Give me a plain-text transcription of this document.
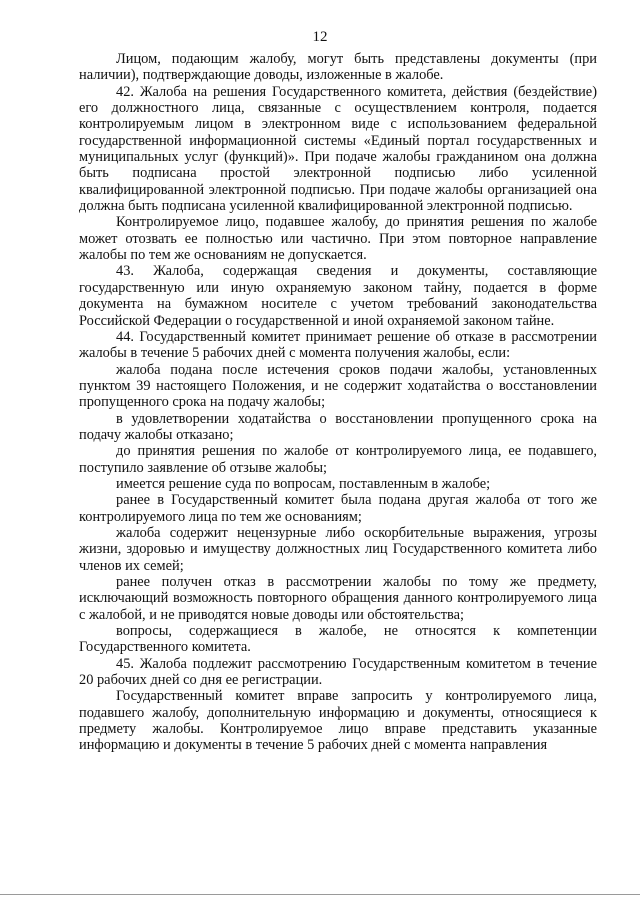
12

Лицом, подающим жалобу, могут быть представлены документы (при наличии), подтверждающие доводы, изложенные в жалобе.

42. Жалоба на решения Государственного комитета, действия (бездействие) его должностного лица, связанные с осуществлением контроля, подается контролируемым лицом в электронном виде с использованием федеральной государственной информационной системы «Единый портал государственных и муниципальных услуг (функций)». При подаче жалобы гражданином она должна быть подписана простой электронной подписью либо усиленной квалифицированной электронной подписью. При подаче жалобы организацией она должна быть подписана усиленной квалифицированной электронной подписью.

Контролируемое лицо, подавшее жалобу, до принятия решения по жалобе может отозвать ее полностью или частично. При этом повторное направление жалобы по тем же основаниям не допускается.

43. Жалоба, содержащая сведения и документы, составляющие государственную или иную охраняемую законом тайну, подается в форме документа на бумажном носителе с учетом требований законодательства Российской Федерации о государственной и иной охраняемой законом тайне.

44. Государственный комитет принимает решение об отказе в рассмотрении жалобы в течение 5 рабочих дней с момента получения жалобы, если:

жалоба подана после истечения сроков подачи жалобы, установленных пунктом 39 настоящего Положения, и не содержит ходатайства о восстановлении пропущенного срока на подачу жалобы;

в удовлетворении ходатайства о восстановлении пропущенного срока на подачу жалобы отказано;

до принятия решения по жалобе от контролируемого лица, ее подавшего, поступило заявление об отзыве жалобы;

имеется решение суда по вопросам, поставленным в жалобе;

ранее в Государственный комитет была подана другая жалоба от того же контролируемого лица по тем же основаниям;

жалоба содержит нецензурные либо оскорбительные выражения, угрозы жизни, здоровью и имуществу должностных лиц Государственного комитета либо членов их семей;

ранее получен отказ в рассмотрении жалобы по тому же предмету, исключающий возможность повторного обращения данного контролируемого лица с жалобой, и не приводятся новые доводы или обстоятельства;

вопросы, содержащиеся в жалобе, не относятся к компетенции Государственного комитета.

45. Жалоба подлежит рассмотрению Государственным комитетом в течение 20 рабочих дней со дня ее регистрации.

Государственный комитет вправе запросить у контролируемого лица, подавшего жалобу, дополнительную информацию и документы, относящиеся к предмету жалобы. Контролируемое лицо вправе представить указанные информацию и документы в течение 5 рабочих дней с момента направления
